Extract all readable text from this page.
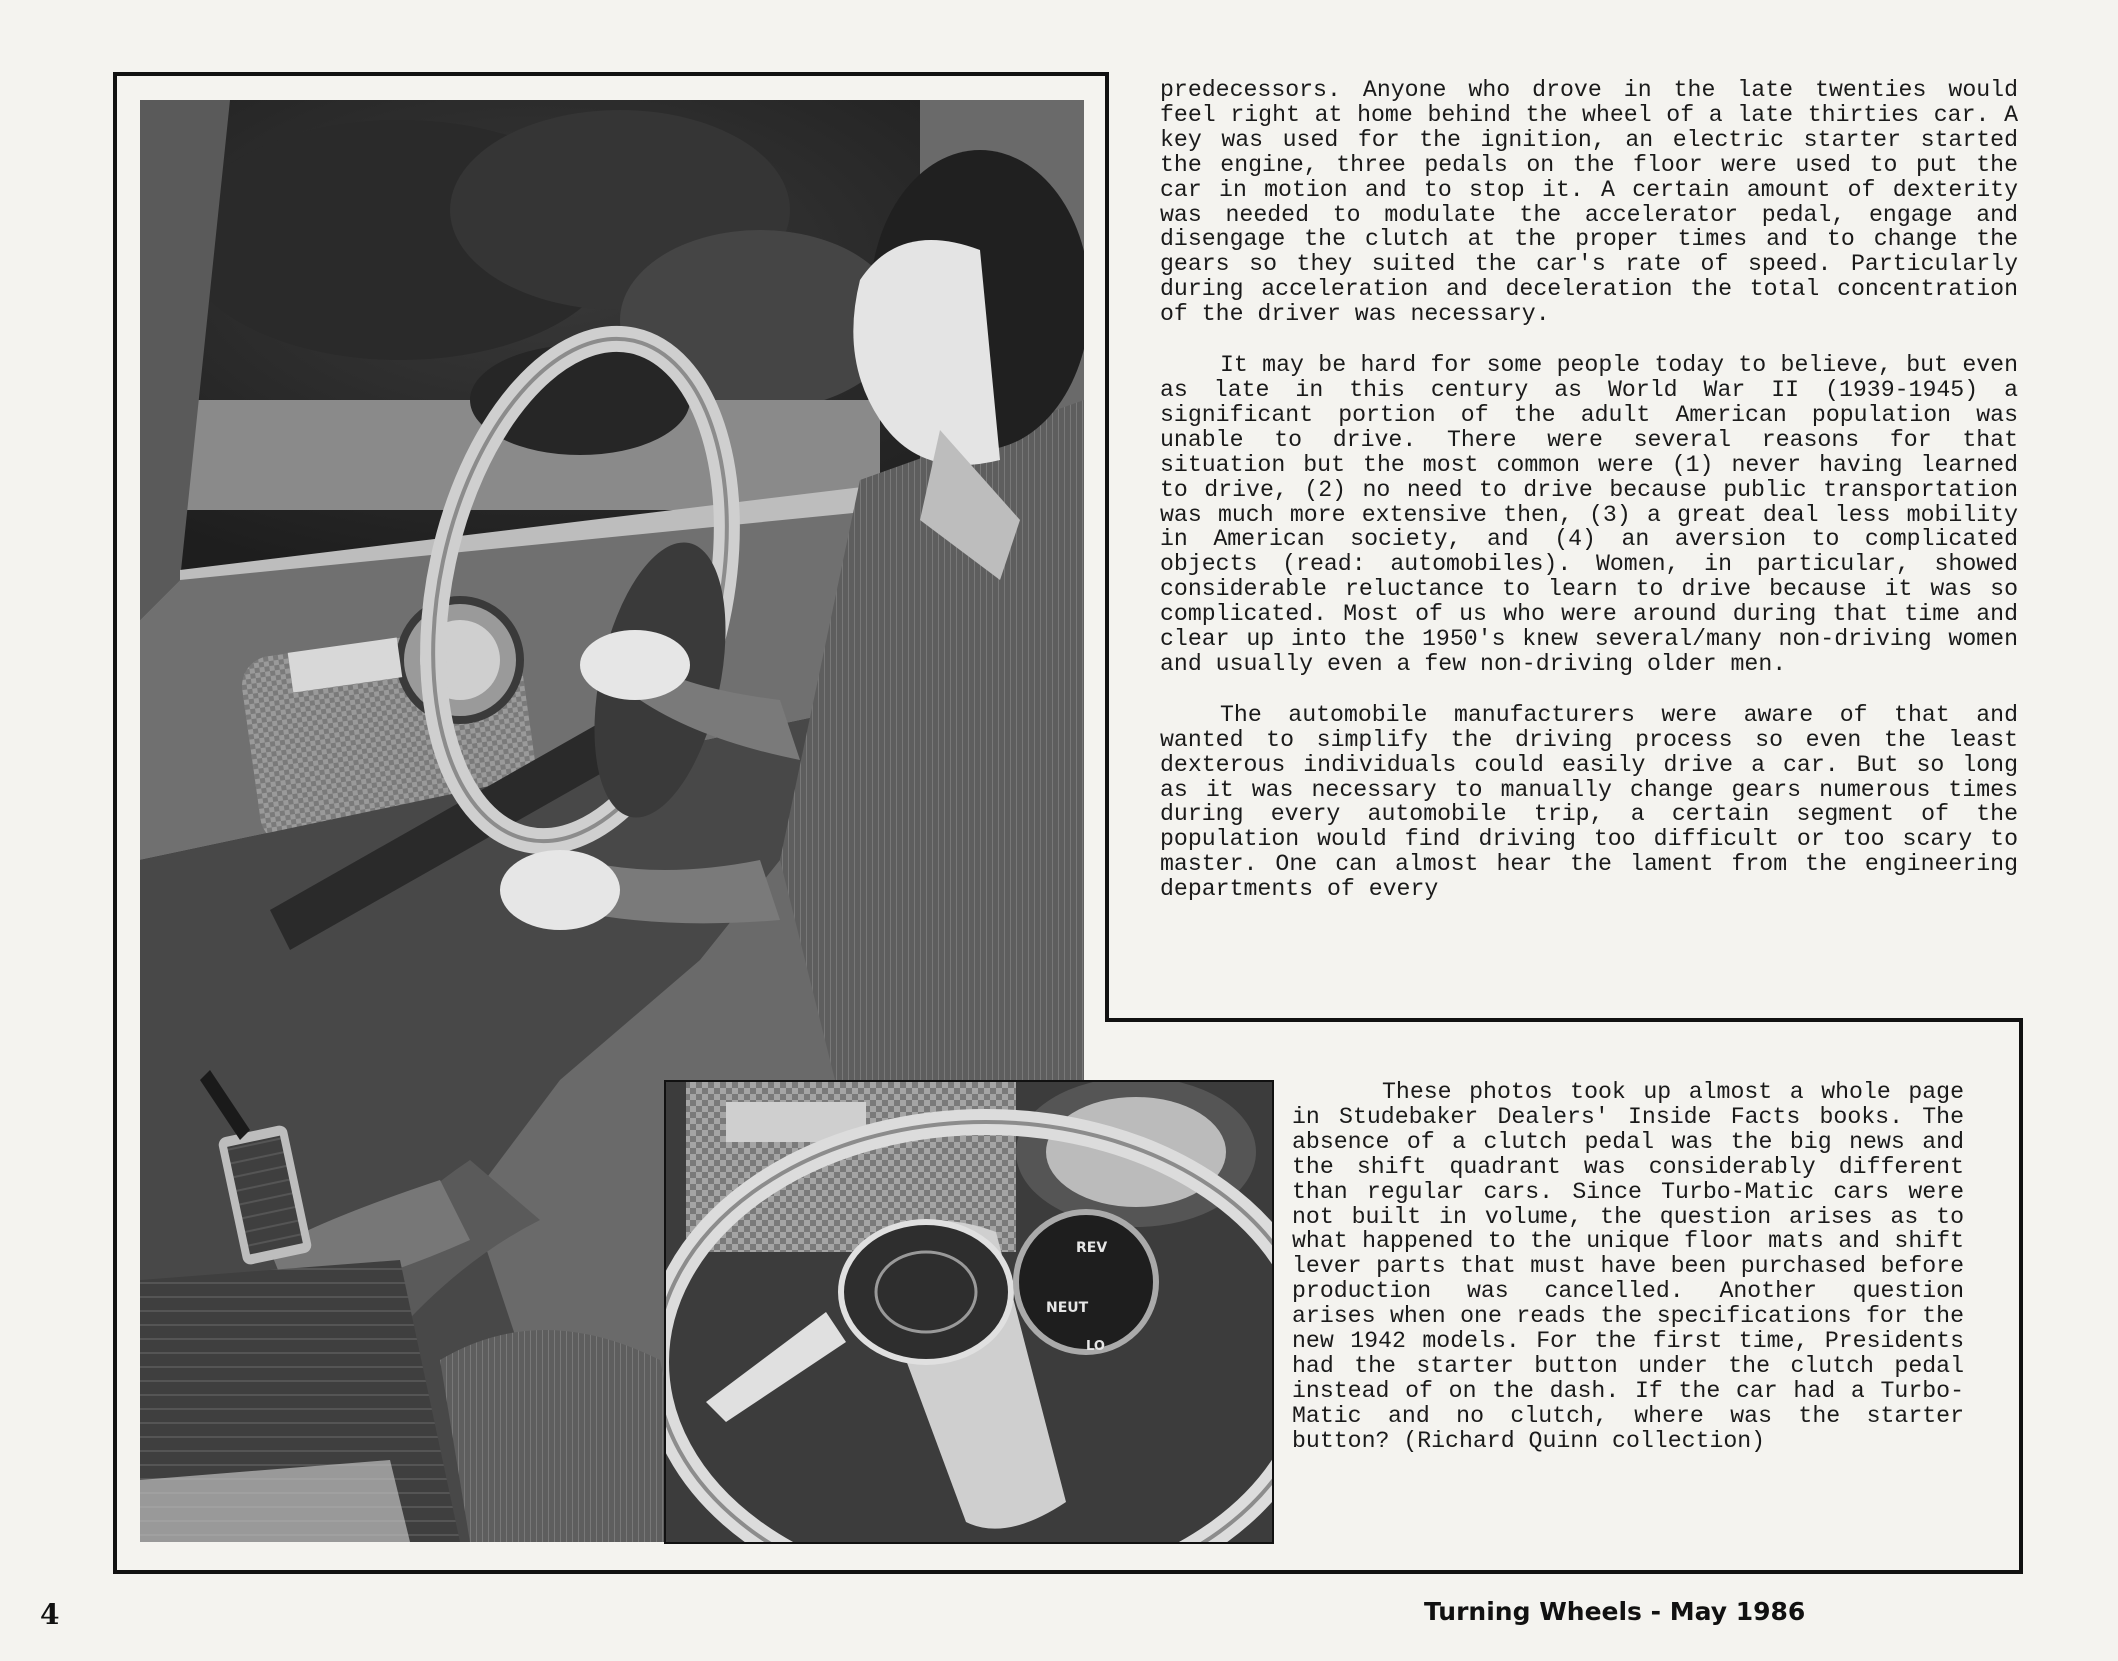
REV
NEUT
LO

predecessors. Anyone who drove in the late twenties would feel right at home behind the wheel of a late thirties car. A key was used for the ignition, an electric starter started the engine, three pedals on the floor were used to put the car in motion and to stop it. A certain amount of dexterity was needed to modulate the accelerator pedal, engage and disengage the clutch at the proper times and to change the gears so they suited the car's rate of speed. Particularly during acceleration and deceleration the total concentration of the driver was necessary.

It may be hard for some people today to believe, but even as late in this century as World War II (1939-1945) a significant portion of the adult American population was unable to drive. There were several reasons for that situation but the most common were (1) never having learned to drive, (2) no need to drive because public transportation was much more extensive then, (3) a great deal less mobility in American society, and (4) an aversion to complicated objects (read: automobiles). Women, in particular, showed considerable reluctance to learn to drive because it was so complicated. Most of us who were around during that time and clear up into the 1950's knew several/many non-driving women and usually even a few non-driving older men.

The automobile manufacturers were aware of that and wanted to simplify the driving process so even the least dexterous individuals could easily drive a car. But so long as it was necessary to manually change gears numerous times during every automobile trip, a certain segment of the population would find driving too difficult or too scary to master. One can almost hear the lament from the engineering departments of every

These photos took up almost a whole page in Studebaker Dealers' Inside Facts books. The absence of a clutch pedal was the big news and the shift quadrant was considerably different than regular cars. Since Turbo-Matic cars were not built in volume, the question arises as to what happened to the unique floor mats and shift lever parts that must have been purchased before production was cancelled. Another question arises when one reads the specifications for the new 1942 models. For the first time, Presidents had the starter button under the clutch pedal instead of on the dash. If the car had a Turbo-Matic and no clutch, where was the starter button? (Richard Quinn collection)

4	Turning Wheels - May 1986
